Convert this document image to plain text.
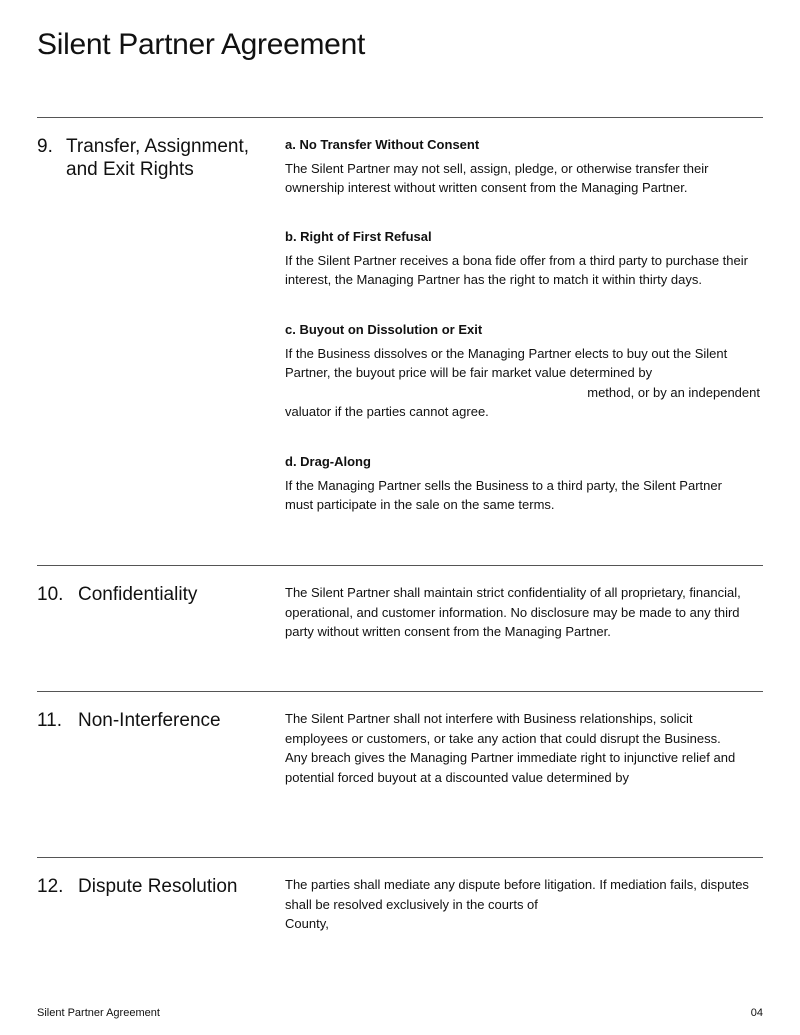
Silent Partner Agreement
9. Transfer, Assignment,
and Exit Rights
a. No Transfer Without Consent
The Silent Partner may not sell, assign, pledge, or otherwise transfer their
ownership interest without written consent from the Managing Partner.
b. Right of First Refusal
If the Silent Partner receives a bona fide offer from a third party to purchase their
interest, the Managing Partner has the right to match it within thirty days.
c. Buyout on Dissolution or Exit
If the Business dissolves or the Managing Partner elects to buy out the Silent
Partner, the buyout price will be fair market value determined by
method, or by an independent
valuator if the parties cannot agree.
d. Drag-Along
If the Managing Partner sells the Business to a third party, the Silent Partner
must participate in the sale on the same terms.
10. Confidentiality	The Silent Partner shall maintain strict confidentiality of all proprietary, financial,
operational, and customer information. No disclosure may be made to any third
party without written consent from the Managing Partner.
11. Non-Interference	The Silent Partner shall not interfere with Business relationships, solicit
employees or customers, or take any action that could disrupt the Business.
Any breach gives the Managing Partner immediate right to injunctive relief and
potential forced buyout at a discounted value determined by
12. Dispute Resolution	The parties shall mediate any dispute before litigation. If mediation fails, disputes
shall be resolved exclusively in the courts of
County,
Silent Partner Agreement	04
